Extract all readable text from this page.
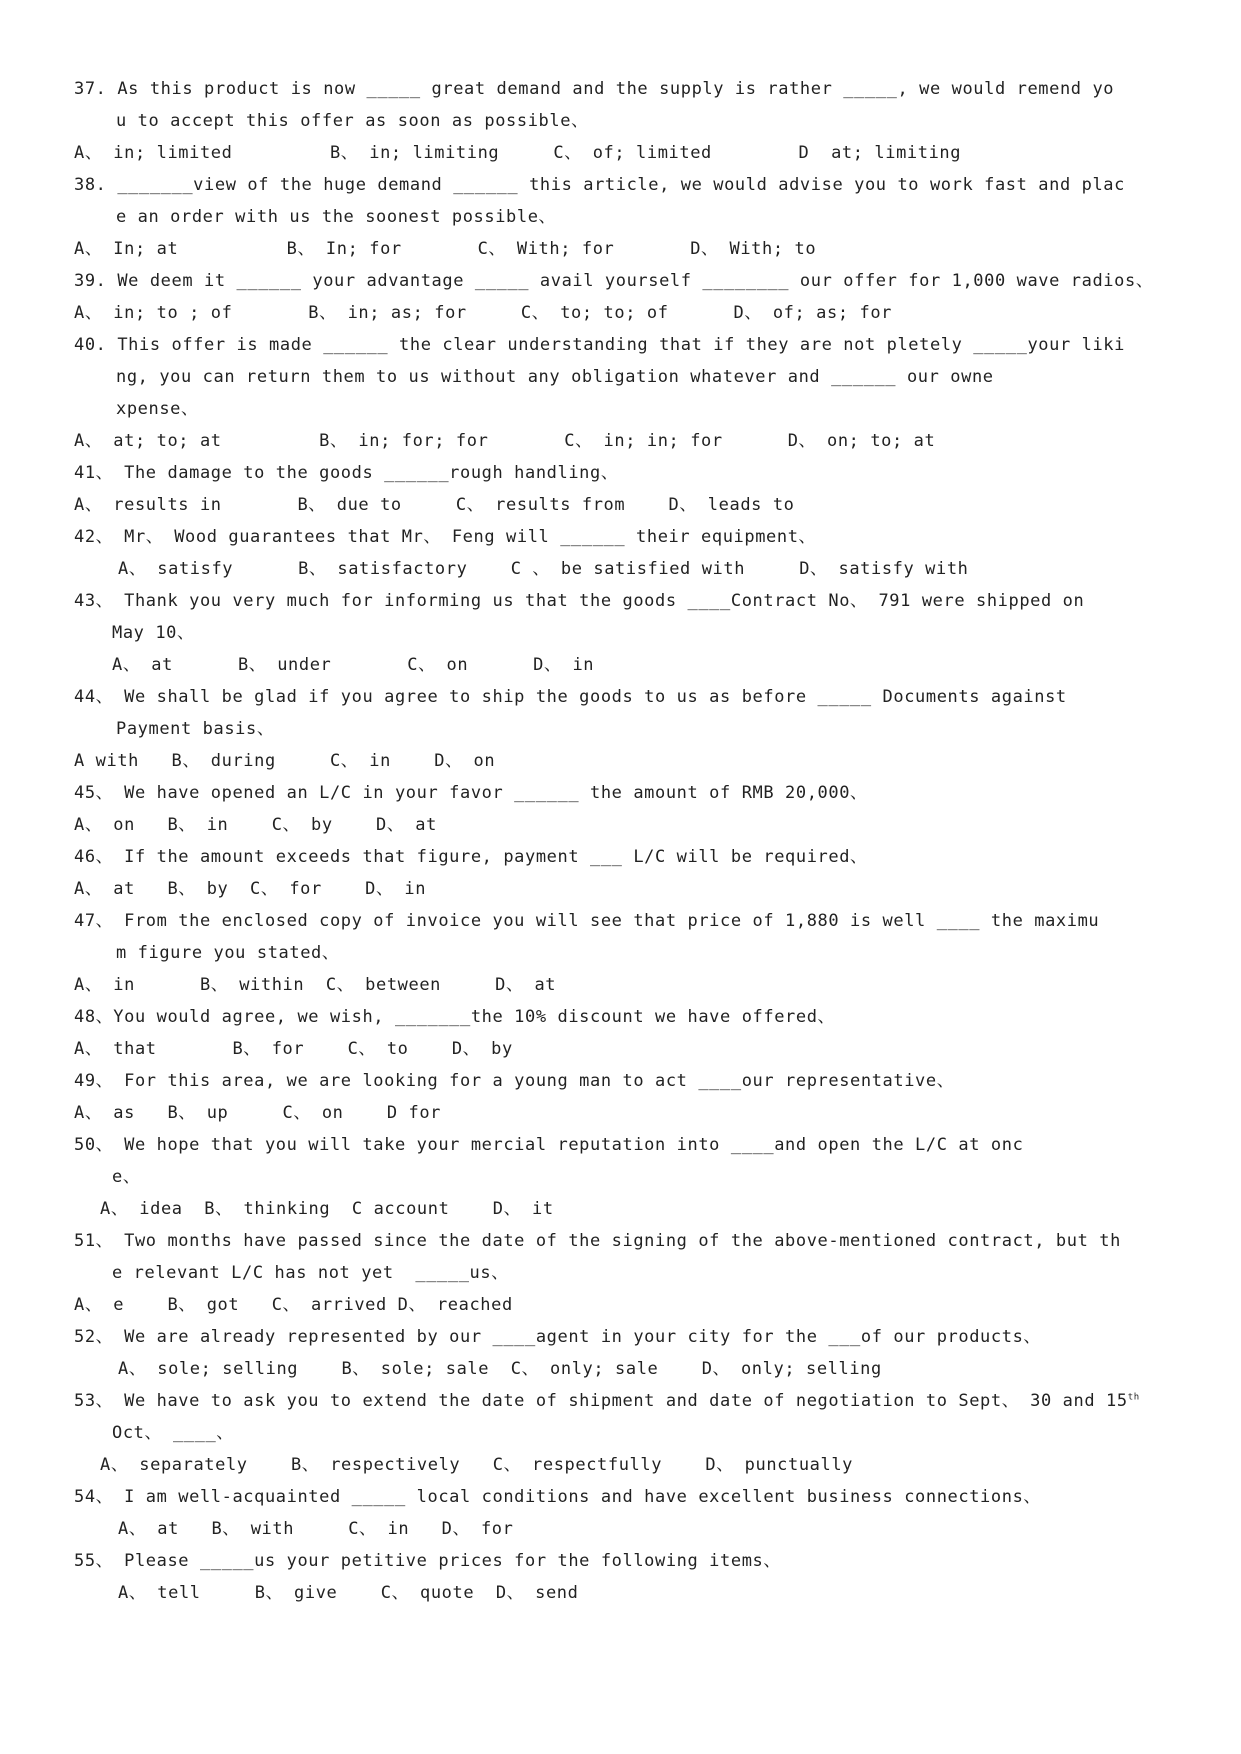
37. As this product is now _____ great demand and the supply is rather _____, we would remend yo
u to accept this offer as soon as possible、
A、 in; limited         B、 in; limiting     C、 of; limited        D  at; limiting
38. _______view of the huge demand ______ this article, we would advise you to work fast and plac
e an order with us the soonest possible、
A、 In; at          B、 In; for       C、 With; for       D、 With; to
39. We deem it ______ your advantage _____ avail yourself ________ our offer for 1,000 wave radios、
A、 in; to ; of       B、 in; as; for     C、 to; to; of      D、 of; as; for
40. This offer is made ______ the clear understanding that if they are not pletely _____your liki
ng, you can return them to us without any obligation whatever and ______ our owne
xpense、
A、 at; to; at         B、 in; for; for       C、 in; in; for      D、 on; to; at
41、 The damage to the goods ______rough handling、
A、 results in       B、 due to     C、 results from    D、 leads to
42、 Mr、 Wood guarantees that Mr、 Feng will ______ their equipment、
A、 satisfy      B、 satisfactory    C 、 be satisfied with     D、 satisfy with
43、 Thank you very much for informing us that the goods ____Contract No、 791 were shipped on
May 10、
A、 at      B、 under       C、 on      D、 in
44、 We shall be glad if you agree to ship the goods to us as before _____ Documents against
Payment basis、
A with   B、 during     C、 in    D、 on
45、 We have opened an L/C in your favor ______ the amount of RMB 20,000、
A、 on   B、 in    C、 by    D、 at
46、 If the amount exceeds that figure, payment ___ L/C will be required、
A、 at   B、 by  C、 for    D、 in
47、 From the enclosed copy of invoice you will see that price of 1,880 is well ____ the maximu
m figure you stated、
A、 in      B、 within  C、 between     D、 at
48、You would agree, we wish, _______the 10% discount we have offered、
A、 that       B、 for    C、 to    D、 by
49、 For this area, we are looking for a young man to act ____our representative、
A、 as   B、 up     C、 on    D for
50、 We hope that you will take your mercial reputation into ____and open the L/C at onc
e、
A、 idea  B、 thinking  C account    D、 it
51、 Two months have passed since the date of the signing of the above-mentioned contract, but th
e relevant L/C has not yet  _____us、
A、 e    B、 got   C、 arrived D、 reached
52、 We are already represented by our ____agent in your city for the ___of our products、
A、 sole; selling    B、 sole; sale  C、 only; sale    D、 only; selling
53、 We have to ask you to extend the date of shipment and date of negotiation to Sept、 30 and 15th
Oct、 ____、
A、 separately    B、 respectively   C、 respectfully    D、 punctually
54、 I am well-acquainted _____ local conditions and have excellent business connections、
A、 at   B、 with     C、 in   D、 for
55、 Please _____us your petitive prices for the following items、
A、 tell     B、 give    C、 quote  D、 send
